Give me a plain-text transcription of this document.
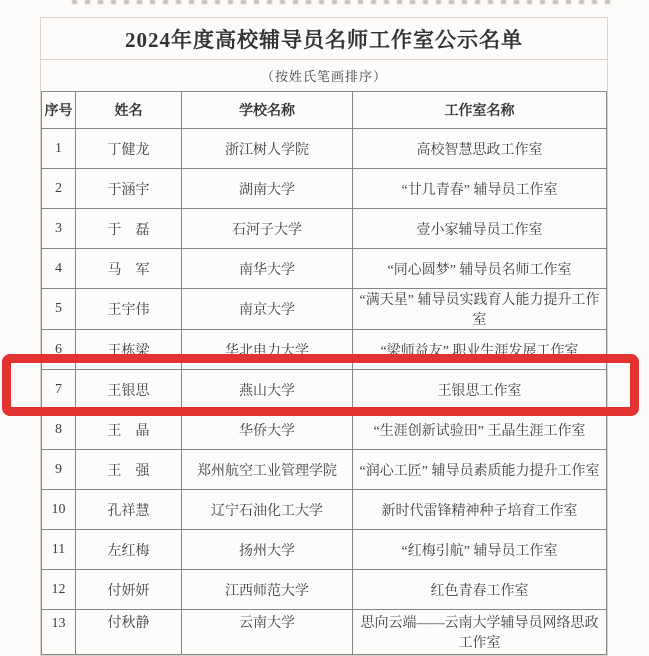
2024年度高校辅导员名师工作室公示名单
（按姓氏笔画排序）
序号	姓名	学校名称	工作室名称
1	丁健龙	浙江树人学院	高校智慧思政工作室
2	于涵宇	湖南大学	“廿几青春” 辅导员工作室
3	于　磊	石河子大学	壹小家辅导员工作室
4	马　军	南华大学	“同心圆梦” 辅导员名师工作室
5	王宇伟	南京大学	“满天星” 辅导员实践育人能力提升工作室
6	王栋梁	华北电力大学	“梁师益友” 职业生涯发展工作室
7	王银思	燕山大学	王银思工作室
8	王　晶	华侨大学	“生涯创新试验田” 王晶生涯工作室
9	王　强	郑州航空工业管理学院	“润心工匠” 辅导员素质能力提升工作室
10	孔祥慧	辽宁石油化工大学	新时代雷锋精神种子培育工作室
11	左红梅	扬州大学	“红梅引航” 辅导员工作室
12	付妍妍	江西师范大学	红色青春工作室
13	付秋静	云南大学	思向云端——云南大学辅导员网络思政工作室
